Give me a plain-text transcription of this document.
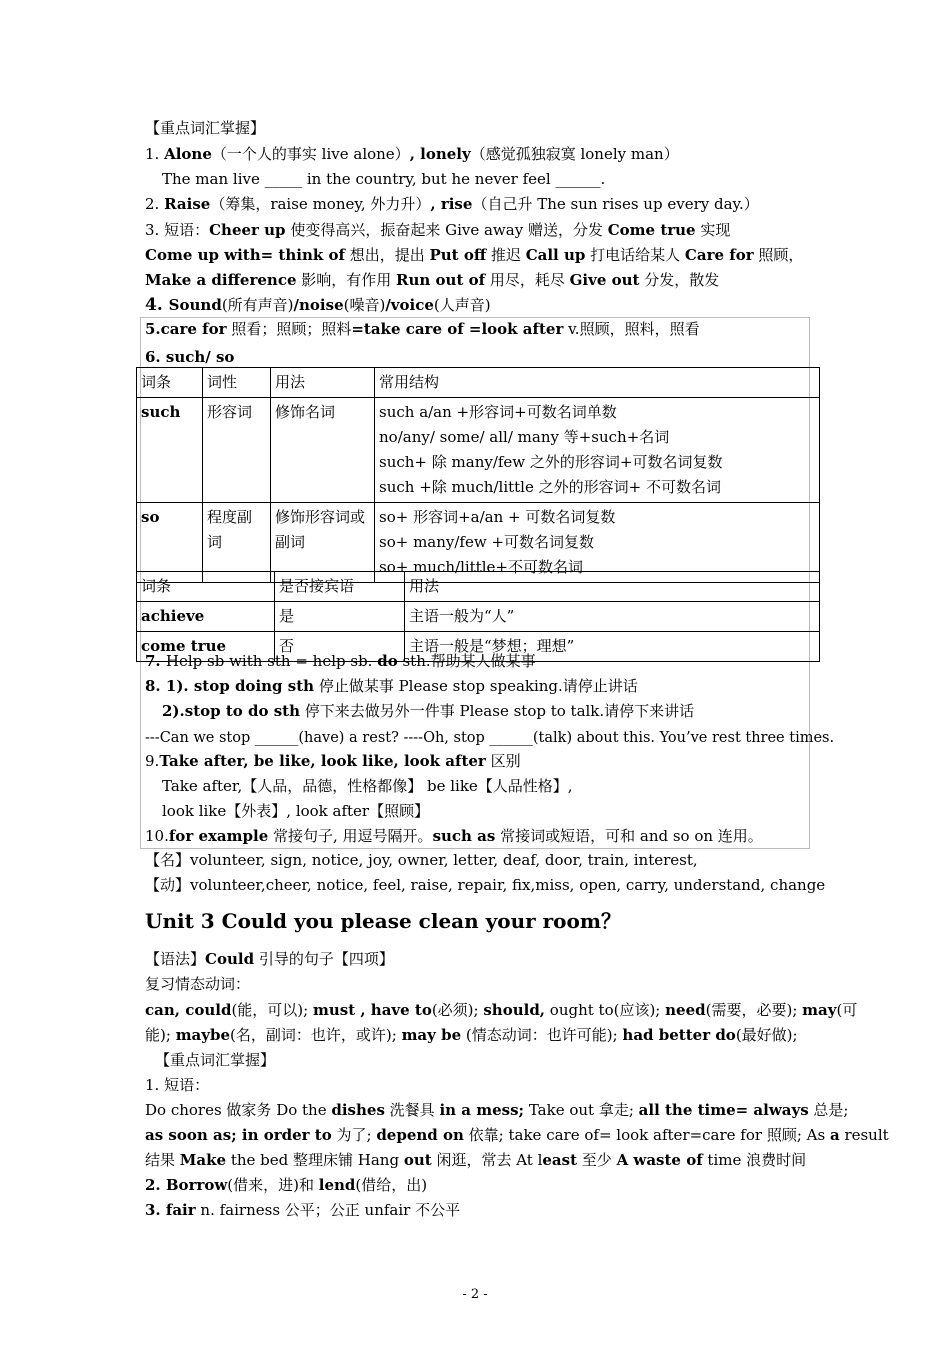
【重点词汇掌握】
1. Alone（一个人的事实 live alone）, lonely（感觉孤独寂寞 lonely man）
The man live _____ in the country, but he never feel ______.
2. Raise（筹集，raise money, 外力升）, rise（自己升 The sun rises up every day.）
3. 短语：Cheer up 使变得高兴，振奋起来 Give away 赠送，分发 Come true 实现
Come up with= think of 想出，提出 Put off 推迟 Call up 打电话给某人 Care for 照顾，
Make a difference 影响，有作用 Run out of 用尽，耗尽 Give out 分发，散发
4. Sound(所有声音)/noise(噪音)/voice(人声音)
5.care for 照看；照顾；照料=take care of =look after v.照顾，照料，照看
6. such/ so
词条	词性	用法	常用结构
such	形容词	修饰名词	such a/an +形容词+可数名词单数
no/any/ some/ all/ many 等+such+名词
such+ 除 many/few 之外的形容词+可数名词复数
such +除 much/little 之外的形容词+ 不可数名词

so	程度副词	修饰形容词或副词	so+ 形容词+a/an + 可数名词复数
so+ many/few +可数名词复数
so+ much/little+不可数名词
词条	是否接宾语	用法
achieve	是	主语一般为“人”
come true	否	主语一般是“梦想；理想”
7. Help sb with sth = help sb. do sth.帮助某人做某事
8. 1). stop doing sth 停止做某事 Please stop speaking.请停止讲话
2).stop to do sth 停下来去做另外一件事 Please stop to talk.请停下来讲话
---Can we stop ______(have) a rest? ----Oh, stop ______(talk) about this. You’ve rest three times.
9.Take after, be like, look like, look after 区别
Take after,【人品，品德，性格都像】 be like【人品性格】,
look like【外表】, look after【照顾】
10.for example 常接句子, 用逗号隔开。such as 常接词或短语，可和 and so on 连用。
【名】volunteer, sign, notice, joy, owner, letter, deaf, door, train, interest,
【动】volunteer,cheer, notice, feel, raise, repair, fix,miss, open, carry, understand, change
Unit 3 Could you please clean your room？
【语法】Could 引导的句子【四项】
复习情态动词：
can, could(能，可以); must , have to(必须); should, ought to(应该); need(需要，必要); may(可
能); maybe(名，副词：也许，或许); may be (情态动词：也许可能); had better do(最好做);
【重点词汇掌握】
1. 短语：
Do chores 做家务 Do the dishes 洗餐具 in a mess; Take out 拿走; all the time= always 总是;
as soon as; in order to 为了; depend on 依靠; take care of= look after=care for 照顾; As a result
结果 Make the bed 整理床铺 Hang out 闲逛，常去 At least 至少 A waste of time 浪费时间
2. Borrow(借来，进)和 lend(借给，出)
3. fair n. fairness 公平；公正 unfair 不公平
- 2 -
